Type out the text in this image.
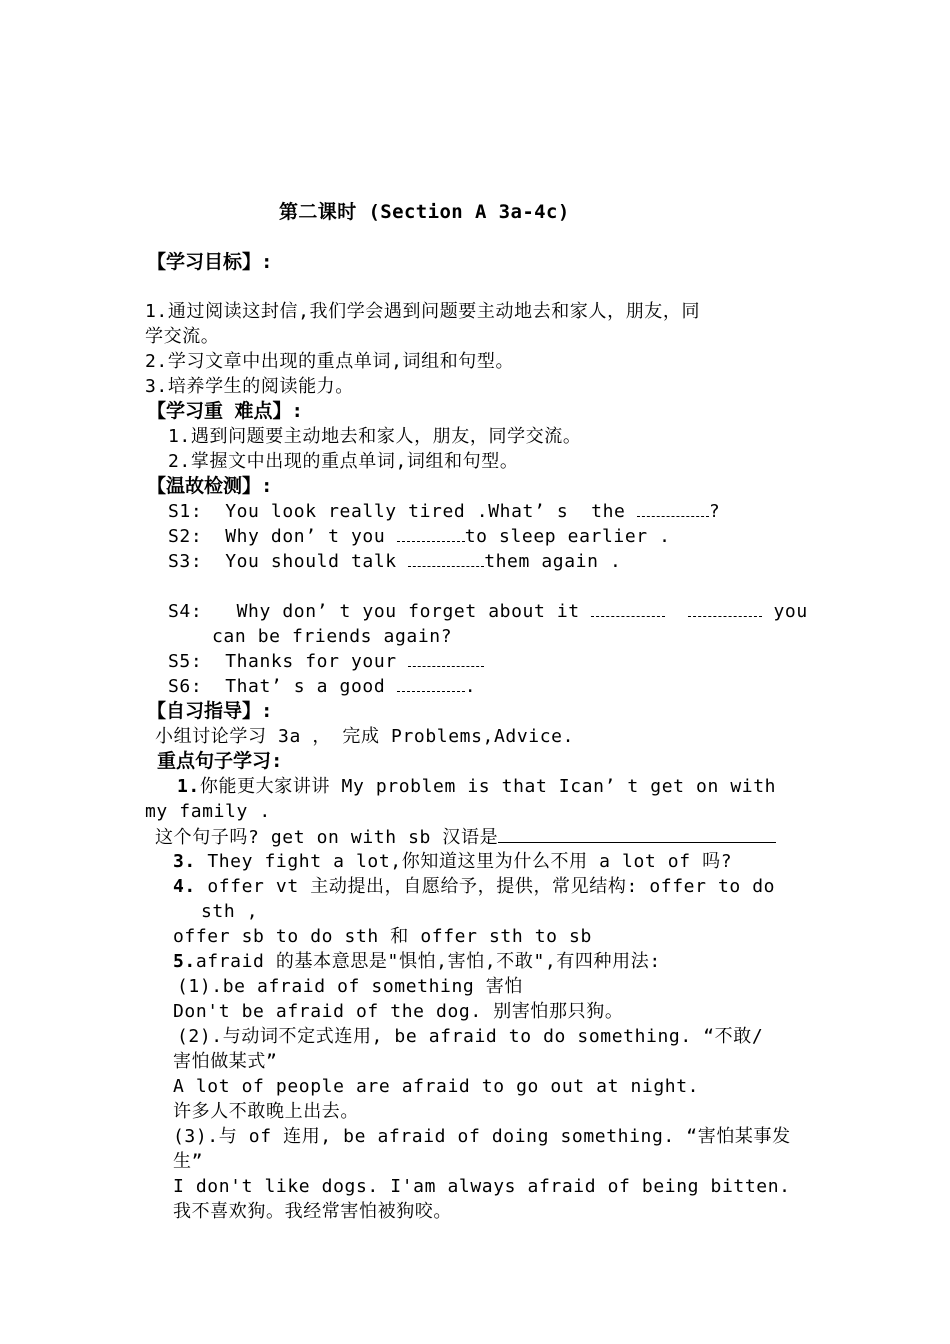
第二课时 (Section A 3a-4c)
【学习目标】:
1.通过阅读这封信,我们学会遇到问题要主动地去和家人，朋友，同
学交流。
2.学习文章中出现的重点单词,词组和句型。
3.培养学生的阅读能力。
【学习重 难点】:
1.遇到问题要主动地去和家人，朋友，同学交流。
2.掌握文中出现的重点单词,词组和句型。
【温故检测】:
S1: You look really tired .What’ s  the	?
S2: Why don’ t you	to sleep earlier .
S3: You should talk	them again .
S4:   Why don’ t you forget about it	you
can be friends again?
S5: Thanks for your
S6: That’ s a good	.
【自习指导】:
小组讨论学习 3a ， 完成 Problems,Advice.
重点句子学习:
1.你能更大家讲讲 My problem is that Ican’ t get on with
my family .
这个句子吗? get on with sb 汉语是
3. They fight a lot,你知道这里为什么不用 a lot of 吗?
4. offer vt 主动提出，自愿给予，提供，常见结构: offer to do
sth ,
offer sb to do sth 和 offer sth to sb
5.afraid 的基本意思是"惧怕,害怕,不敢",有四种用法:
(1).be afraid of something 害怕
Don't be afraid of the dog. 别害怕那只狗。
(2).与动词不定式连用, be afraid to do something. “不敢/
害怕做某式”
A lot of people are afraid to go out at night.
许多人不敢晚上出去。
(3).与 of 连用, be afraid of doing something. “害怕某事发
生”
I don't like dogs. I'am always afraid of being bitten.
我不喜欢狗。我经常害怕被狗咬。
